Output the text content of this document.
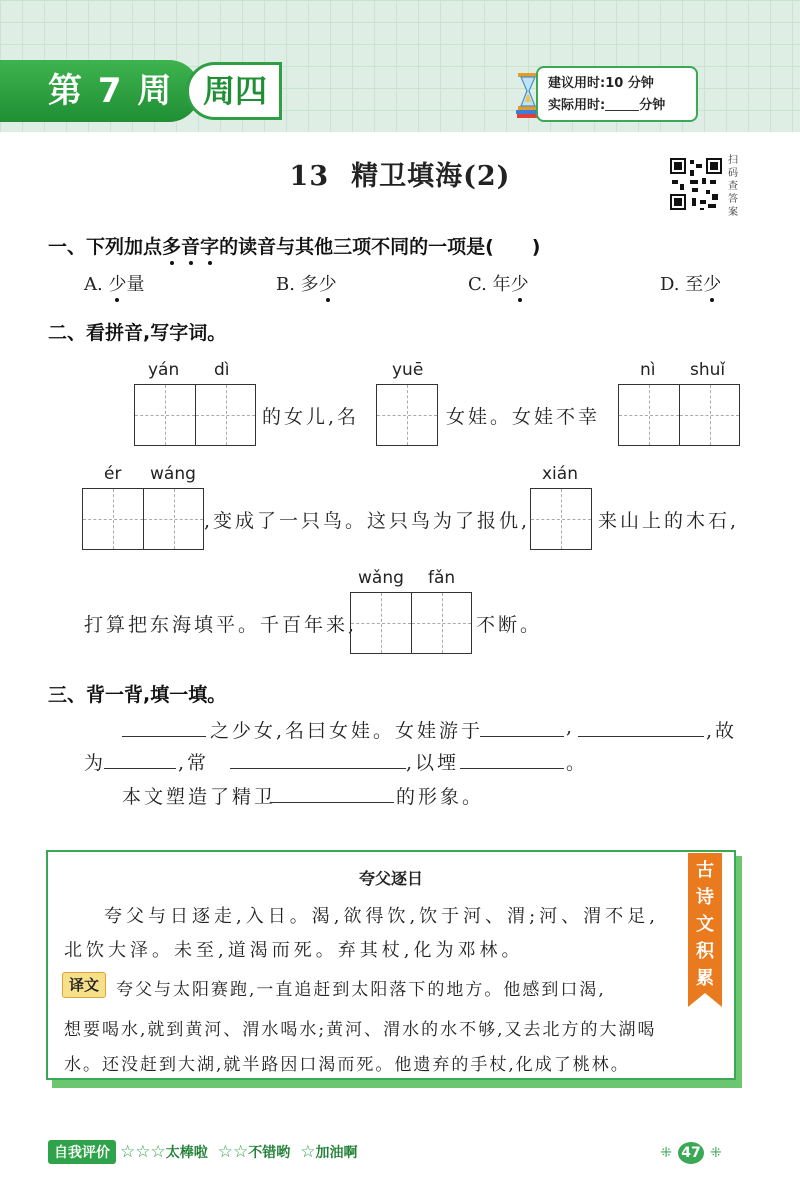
第 7 周 周四	建议用时:10 分钟
实际用时:	分钟
13 精卫填海(2)
扫
码
查
答
案
一、下列加点多音字的读音与其他三项不同的一项是(　　)
A. 少量	B. 多少	C. 年少	D. 至少
二、看拼音,写字词。
yán dì
的女儿,名
yuē
女娃。女娃不幸
nì shuǐ
ér wáng
,变成了一只鸟。这只鸟为了报仇,
xián
来山上的木石,
打算把东海填平。千百年来,
wǎng fǎn
不断。
三、背一背,填一填。
之少女,名曰女娃。女娃游于	,	,故
为	,常	,以堙	。
本文塑造了精卫	的形象。
古
诗
文
积
累
夸父逐日
夸父与日逐走,入日。渴,欲得饮,饮于河、渭;河、渭不足,
北饮大泽。未至,道渴而死。弃其杖,化为邓林。
译文	夸父与太阳赛跑,一直追赶到太阳落下的地方。他感到口渴,
想要喝水,就到黄河、渭水喝水;黄河、渭水的水不够,又去北方的大湖喝
水。还没赶到大湖,就半路因口渴而死。他遗弃的手杖,化成了桃林。
自我评价 ☆☆☆ 太棒啦 ☆☆ 不错哟 ☆ 加油啊	⁜ 47 ⁜
